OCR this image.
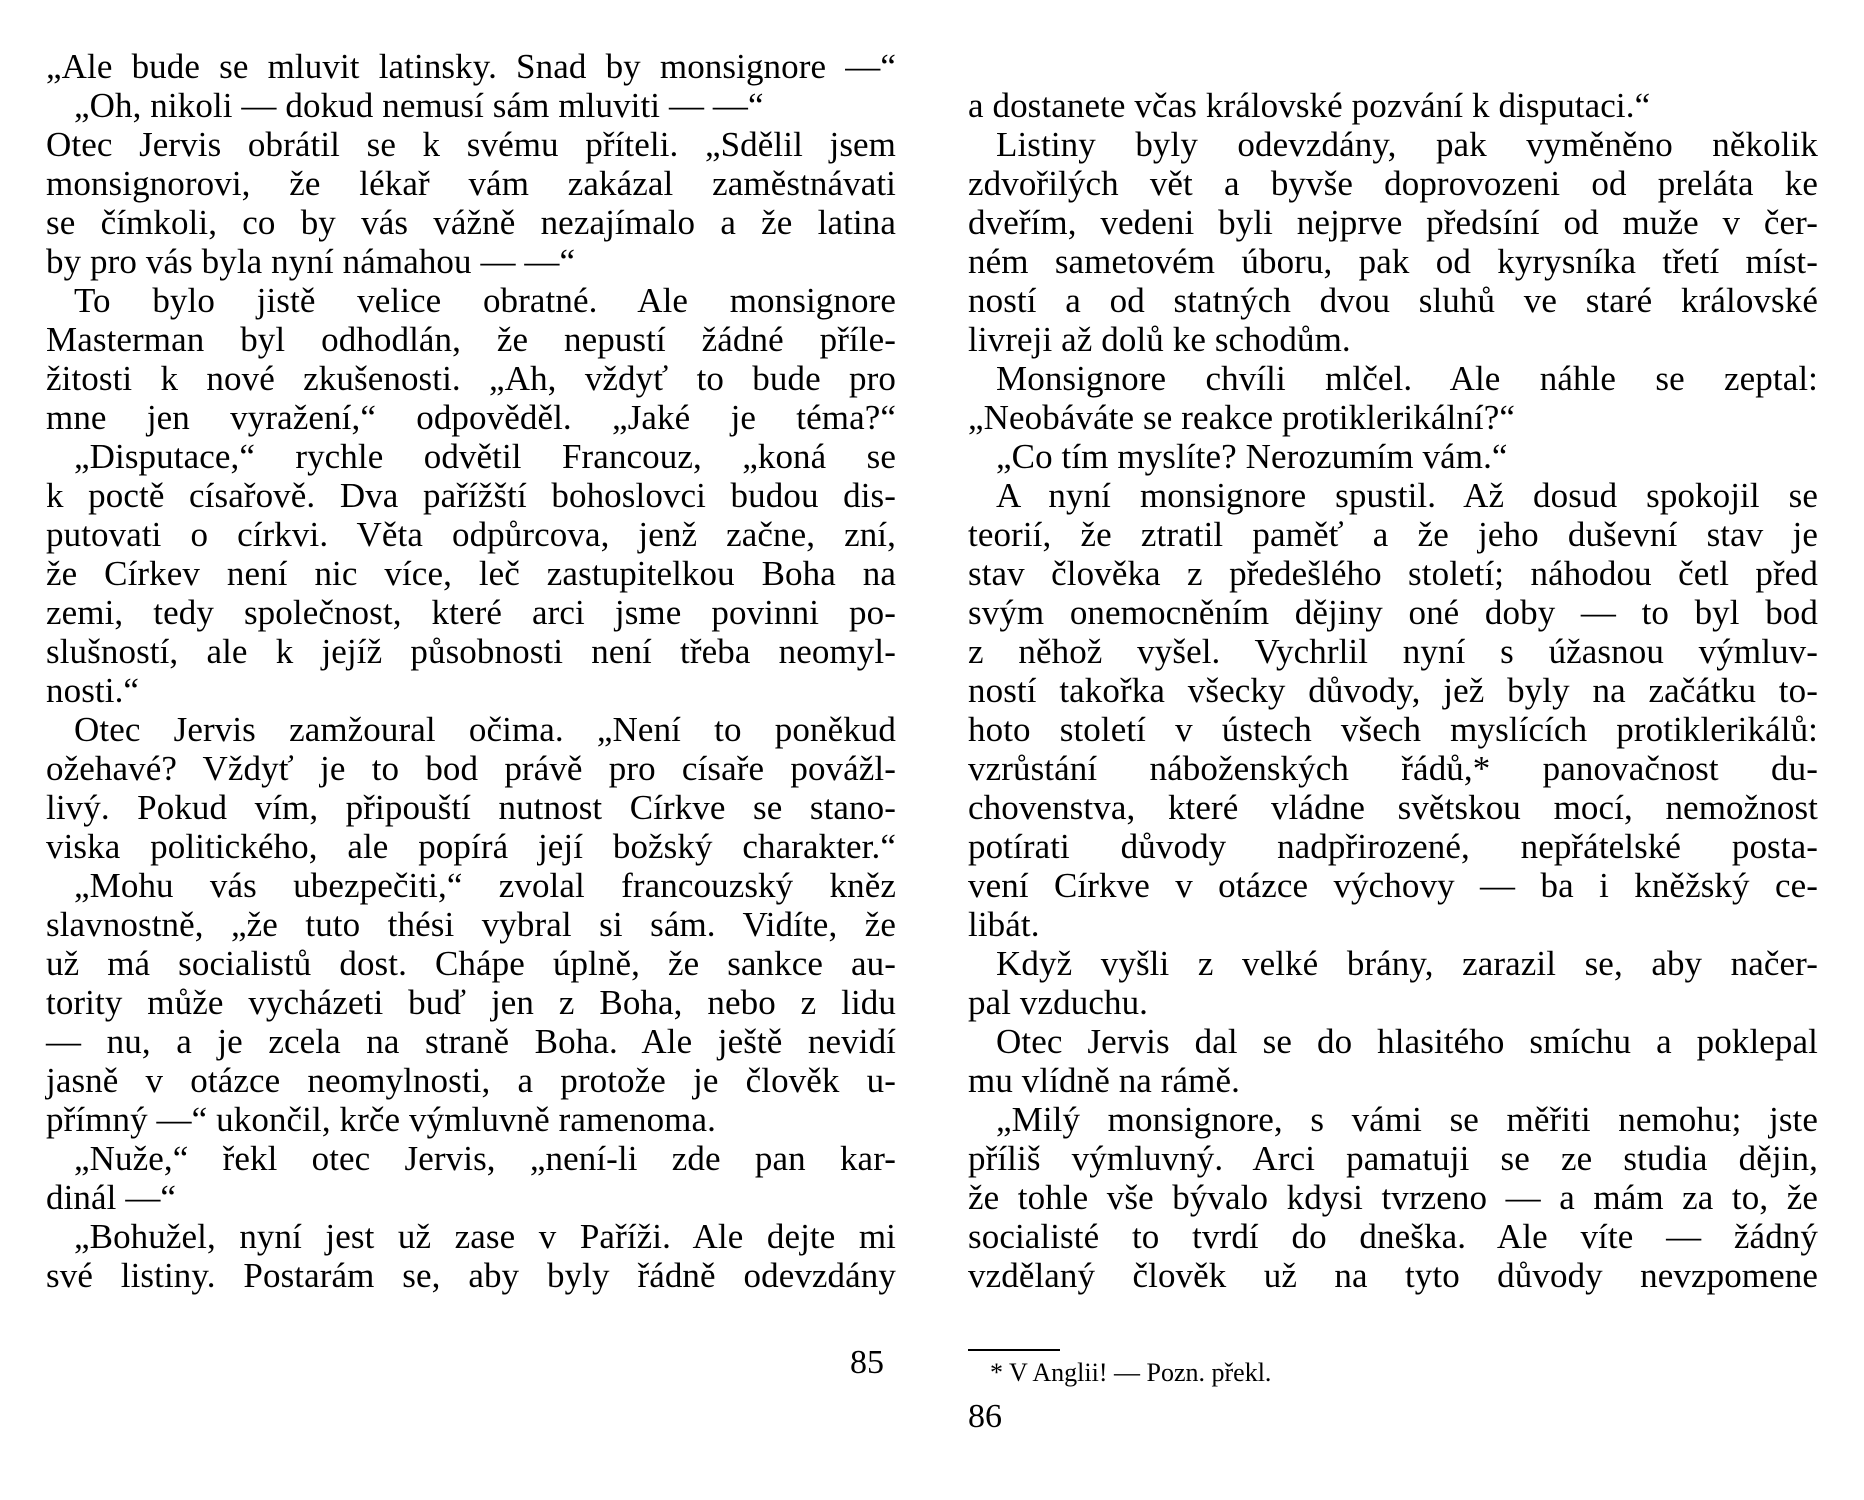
„Ale bude se mluvit latinsky. Snad by monsignore —“
„Oh, nikoli — dokud nemusí sám mluviti — —“
Otec Jervis obrátil se k svému příteli. „Sdělil jsem
monsignorovi, že lékař vám zakázal zaměstnávati
se čímkoli, co by vás vážně nezajímalo a že latina
by pro vás byla nyní námahou — —“
To bylo jistě velice obratné. Ale monsignore
Masterman byl odhodlán, že nepustí žádné příle-
žitosti k nové zkušenosti. „Ah, vždyť to bude pro
mne jen vyražení,“ odpověděl. „Jaké je téma?“
„Disputace,“ rychle odvětil Francouz, „koná se
k poctě císařově. Dva pařížští bohoslovci budou dis-
putovati o církvi. Věta odpůrcova, jenž začne, zní,
že Církev není nic více, leč zastupitelkou Boha na
zemi, tedy společnost, které arci jsme povinni po-
slušností, ale k jejíž působnosti není třeba neomyl-
nosti.“
Otec Jervis zamžoural očima. „Není to poněkud
ožehavé? Vždyť je to bod právě pro císaře povážl-
livý. Pokud vím, připouští nutnost Církve se stano-
viska politického, ale popírá její božský charakter.“
„Mohu vás ubezpečiti,“ zvolal francouzský kněz
slavnostně, „že tuto thési vybral si sám. Vidíte, že
už má socialistů dost. Chápe úplně, že sankce au-
tority může vycházeti buď jen z Boha, nebo z lidu
— nu, a je zcela na straně Boha. Ale ještě nevidí
jasně v otázce neomylnosti, a protože je člověk u-
přímný —“ ukončil, krče výmluvně ramenoma.
„Nuže,“ řekl otec Jervis, „není-li zde pan kar-
dinál —“
„Bohužel, nyní jest už zase v Paříži. Ale dejte mi
své listiny. Postarám se, aby byly řádně odevzdány
85
a dostanete včas královské pozvání k disputaci.“
Listiny byly odevzdány, pak vyměněno několik
zdvořilých vět a byvše doprovozeni od preláta ke
dveřím, vedeni byli nejprve předsíní od muže v čer-
ném sametovém úboru, pak od kyrysníka třetí míst-
ností a od statných dvou sluhů ve staré královské
livreji až dolů ke schodům.
Monsignore chvíli mlčel. Ale náhle se zeptal:
„Neobáváte se reakce protiklerikální?“
„Co tím myslíte? Nerozumím vám.“
A nyní monsignore spustil. Až dosud spokojil se
teorií, že ztratil paměť a že jeho duševní stav je
stav člověka z předešlého století; náhodou četl před
svým onemocněním dějiny oné doby — to byl bod
z něhož vyšel. Vychrlil nyní s úžasnou výmluv-
ností takořka všecky důvody, jež byly na začátku to-
hoto století v ústech všech myslících protiklerikálů:
vzrůstání náboženských řádů,* panovačnost du-
chovenstva, které vládne světskou mocí, nemožnost
potírati důvody nadpřirozené, nepřátelské posta-
vení Církve v otázce výchovy — ba i kněžský ce-
libát.
Když vyšli z velké brány, zarazil se, aby načer-
pal vzduchu.
Otec Jervis dal se do hlasitého smíchu a poklepal
mu vlídně na rámě.
„Milý monsignore, s vámi se měřiti nemohu; jste
příliš výmluvný. Arci pamatuji se ze studia dějin,
že tohle vše bývalo kdysi tvrzeno — a mám za to, že
socialisté to tvrdí do dneška. Ale víte — žádný
vzdělaný člověk už na tyto důvody nevzpomene
* V Anglii! — Pozn. překl.
86
